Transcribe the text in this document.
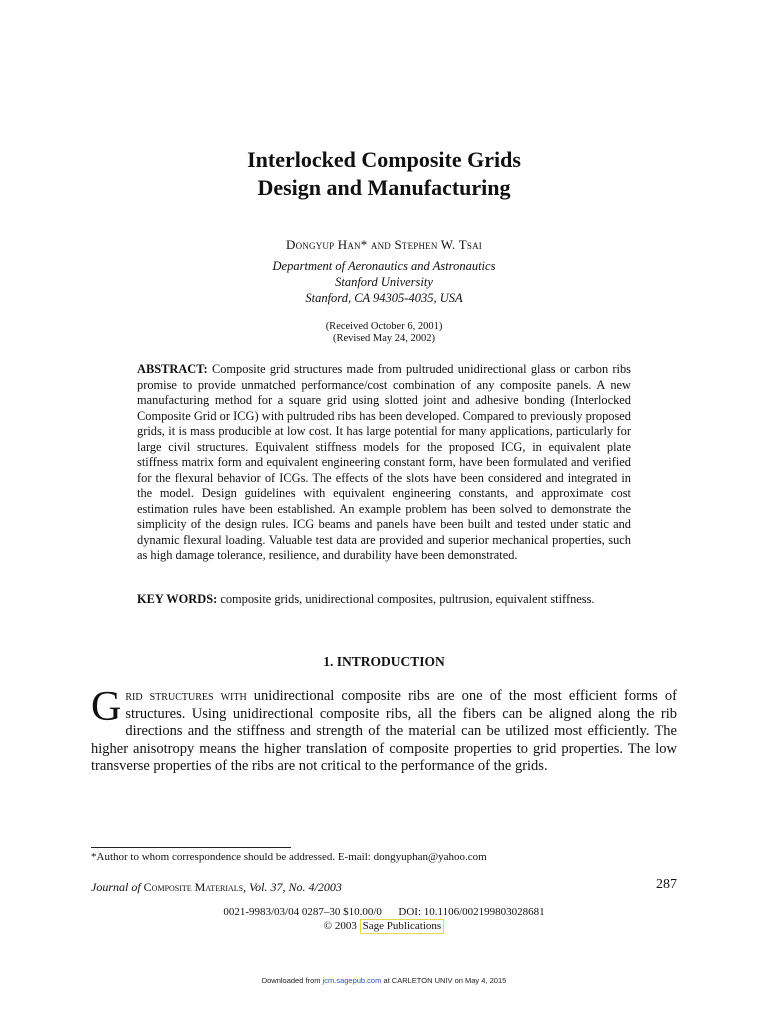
Interlocked Composite Grids
Design and Manufacturing
Dongyup Han* and Stephen W. Tsai
Department of Aeronautics and Astronautics
Stanford University
Stanford, CA 94305-4035, USA
(Received October 6, 2001)
(Revised May 24, 2002)
ABSTRACT: Composite grid structures made from pultruded unidirectional glass or carbon ribs promise to provide unmatched performance/cost combination of any composite panels. A new manufacturing method for a square grid using slotted joint and adhesive bonding (Interlocked Composite Grid or ICG) with pultruded ribs has been developed. Compared to previously proposed grids, it is mass producible at low cost. It has large potential for many applications, particularly for large civil structures. Equivalent stiffness models for the proposed ICG, in equivalent plate stiffness matrix form and equivalent engineering constant form, have been formulated and verified for the flexural behavior of ICGs. The effects of the slots have been considered and integrated in the model. Design guidelines with equivalent engineering constants, and approximate cost estimation rules have been established. An example problem has been solved to demonstrate the simplicity of the design rules. ICG beams and panels have been built and tested under static and dynamic flexural loading. Valuable test data are provided and superior mechanical properties, such as high damage tolerance, resilience, and durability have been demonstrated.
KEY WORDS: composite grids, unidirectional composites, pultrusion, equivalent stiffness.
1. INTRODUCTION
G rid structures with unidirectional composite ribs are one of the most efficient forms of structures. Using unidirectional composite ribs, all the fibers can be aligned along the rib directions and the stiffness and strength of the material can be utilized most efficiently. The higher anisotropy means the higher translation of composite properties to grid properties. The low transverse properties of the ribs are not critical to the performance of the grids.
*Author to whom correspondence should be addressed. E-mail: dongyuphan@yahoo.com
Journal of Composite Materials, Vol. 37, No. 4/2003	287
0021-9983/03/04 0287–30 $10.00/0      DOI: 10.1106/002199803028681
© 2003 Sage Publications
Downloaded from jcm.sagepub.com at CARLETON UNIV on May 4, 2015
